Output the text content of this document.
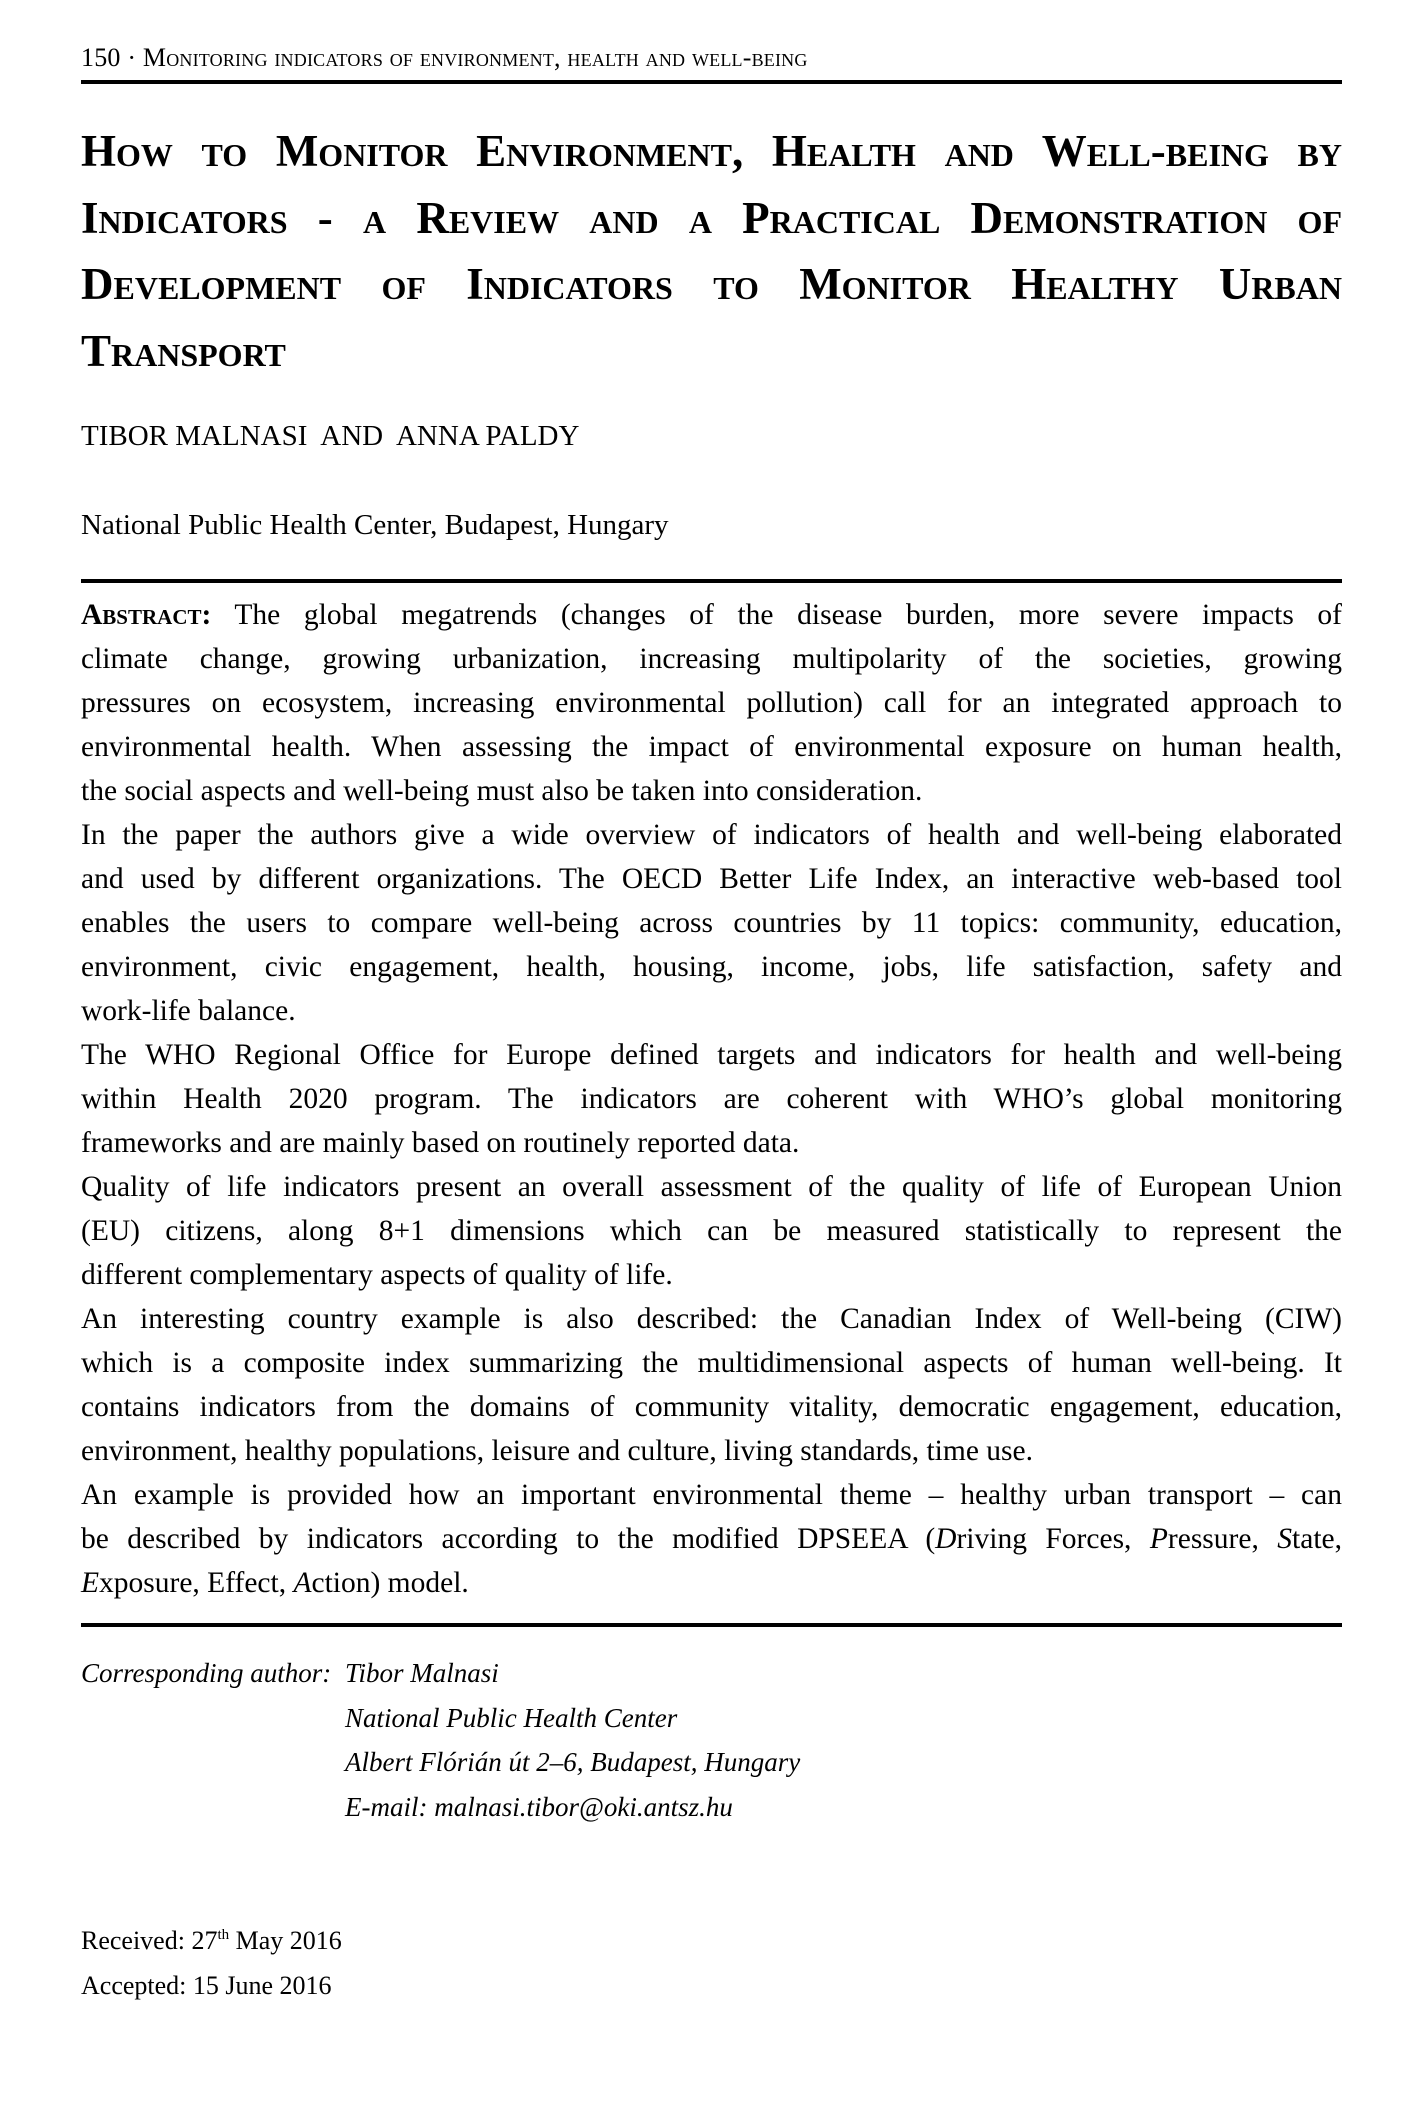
150 · Monitoring indicators of environment, health and well-being
How to Monitor Environment, Health and Well-being by
Indicators - a Review and a Practical Demonstration of
Development of Indicators to Monitor Healthy Urban
Transport
TIBOR MALNASI  AND  ANNA PALDY
National Public Health Center, Budapest, Hungary
Abstract: The global megatrends (changes of the disease burden, more severe impacts of
climate change, growing urbanization, increasing multipolarity of the societies, growing
pressures on ecosystem, increasing environmental pollution) call for an integrated approach to
environmental health. When assessing the impact of environmental exposure on human health,
the social aspects and well-being must also be taken into consideration.
In the paper the authors give a wide overview of indicators of health and well-being elaborated
and used by different organizations. The OECD Better Life Index, an interactive web-based tool
enables the users to compare well-being across countries by 11 topics: community, education,
environment, civic engagement, health, housing, income, jobs, life satisfaction, safety and
work-life balance.
The WHO Regional Office for Europe defined targets and indicators for health and well-being
within Health 2020 program. The indicators are coherent with WHO’s global monitoring
frameworks and are mainly based on routinely reported data.
Quality of life indicators present an overall assessment of the quality of life of European Union
(EU) citizens, along 8+1 dimensions which can be measured statistically to represent the
different complementary aspects of quality of life.
An interesting country example is also described: the Canadian Index of Well-being (CIW)
which is a composite index summarizing the multidimensional aspects of human well-being. It
contains indicators from the domains of community vitality, democratic engagement, education,
environment, healthy populations, leisure and culture, living standards, time use.
An example is provided how an important environmental theme – healthy urban transport – can
be described by indicators according to the modified DPSEEA (Driving Forces, Pressure, State,
Exposure, Effect, Action) model.
Corresponding author: Tibor Malnasi
National Public Health Center
Albert Flórián út 2–6, Budapest, Hungary
E-mail: malnasi.tibor@oki.antsz.hu
Received: 27th May 2016
Accepted: 15 June 2016
